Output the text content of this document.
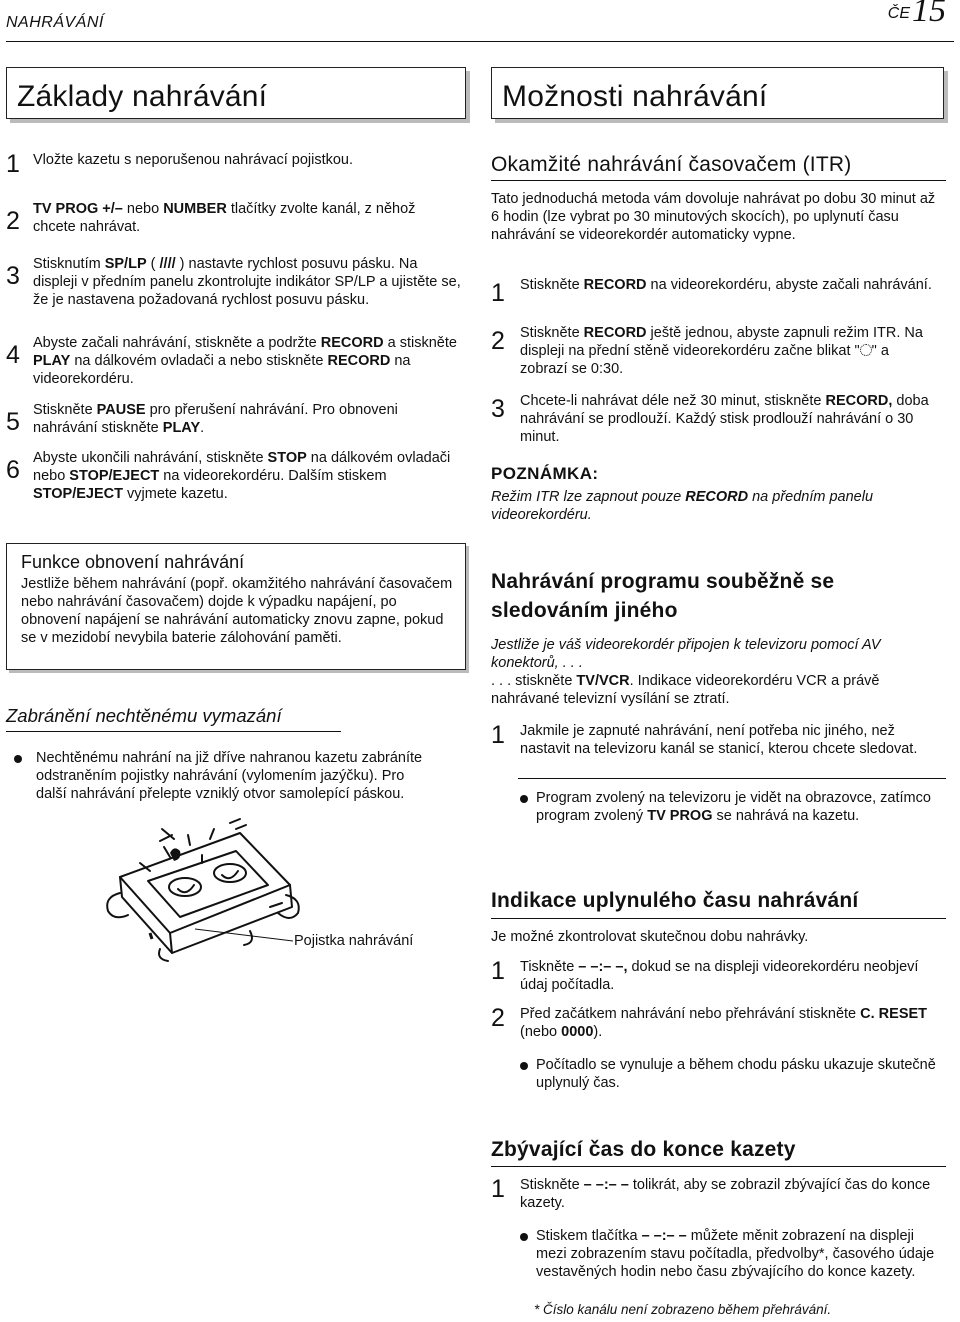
NAHRÁVÁNÍ
ČE15
Základy nahrávání	Možnosti nahrávání
1 Vložte kazetu s neporušenou nahrávací pojistkou.
2 TV PROG +/– nebo NUMBER tlačítky zvolte kanál, z něhož chcete nahrávat.
3 Stisknutím SP/LP ( //// ) nastavte rychlost posuvu pásku. Na displeji v předním panelu zkontrolujte indikátor SP/LP a ujistěte se, že je nastavena požadovaná rychlost posuvu pásku.
4 Abyste začali nahrávání, stiskněte a podržte RECORD a stiskněte PLAY na dálkovém ovladači a nebo stiskněte RECORD na videorekordéru.
5 Stiskněte PAUSE pro přerušení nahrávání. Pro obnoveni nahrávání stiskněte PLAY.
6 Abyste ukončili nahrávání, stiskněte STOP na dálkovém ovladači nebo STOP/EJECT na videorekordéru. Dalším stiskem STOP/EJECT vyjmete kazetu.
Funkce obnovení nahrávání
Jestliže během nahrávání (popř. okamžitého nahrávání časovačem nebo nahrávání časovačem) dojde k výpadku napájení, po obnovení napájení se nahrávání automaticky znovu zapne, pokud se v mezidobí nevybila baterie zálohování paměti.
Zabránění nechtěnému vymazání
Nechtěnému nahrání na již dříve nahranou kazetu zabráníte odstraněním pojistky nahrávání (vylomením jazýčku). Pro další nahrávání přelepte vzniklý otvor samolepící páskou.
Pojistka nahrávání
Okamžité nahrávání časovačem (ITR)
Tato jednoduchá metoda vám dovoluje nahrávat po dobu 30 minut až 6 hodin (lze vybrat po 30 minutových skocích), po uplynutí času nahrávání se videorekordér automaticky vypne.
1 Stiskněte RECORD na videorekordéru, abyste začali nahrávání.
2 Stiskněte RECORD ještě jednou, abyste zapnuli režim ITR. Na displeji na přední stěně videorekordéru začne blikat " " a zobrazí se 0:30.
3 Chcete-li nahrávat déle než 30 minut, stiskněte RECORD, doba nahrávání se prodlouží. Každý stisk prodlouží nahrávání o 30 minut.
POZNÁMKA:
Režim ITR lze zapnout pouze RECORD na předním panelu videorekordéru.
Nahrávání programu souběžně se sledováním jiného
Jestliže je váš videorekordér připojen k televizoru pomocí AV konektorů, . . .
. . . stiskněte TV/VCR. Indikace videorekordéru VCR a právě nahrávané televizní vysílání se ztratí.
1 Jakmile je zapnuté nahrávání, není potřeba nic jiného, než nastavit na televizoru kanál se stanicí, kterou chcete sledovat.
Program zvolený na televizoru je vidět na obrazovce, zatímco program zvolený TV PROG se nahrává na kazetu.
Indikace uplynulého času nahrávání
Je možné zkontrolovat skutečnou dobu nahrávky.
1 Tiskněte – –:– –, dokud se na displeji videorekordéru neobjeví údaj počítadla.
2 Před začátkem nahrávání nebo přehrávání stiskněte C. RESET (nebo 0000).
Počítadlo se vynuluje a během chodu pásku ukazuje skutečně uplynulý čas.
Zbývající čas do konce kazety
1 Stiskněte – –:– – tolikrát, aby se zobrazil zbývající čas do konce kazety.
Stiskem tlačítka – –:– – můžete měnit zobrazení na displeji mezi zobrazením stavu počítadla, předvolby*, časového údaje vestavěných hodin nebo času zbývajícího do konce kazety.
* Číslo kanálu není zobrazeno během přehrávání.
